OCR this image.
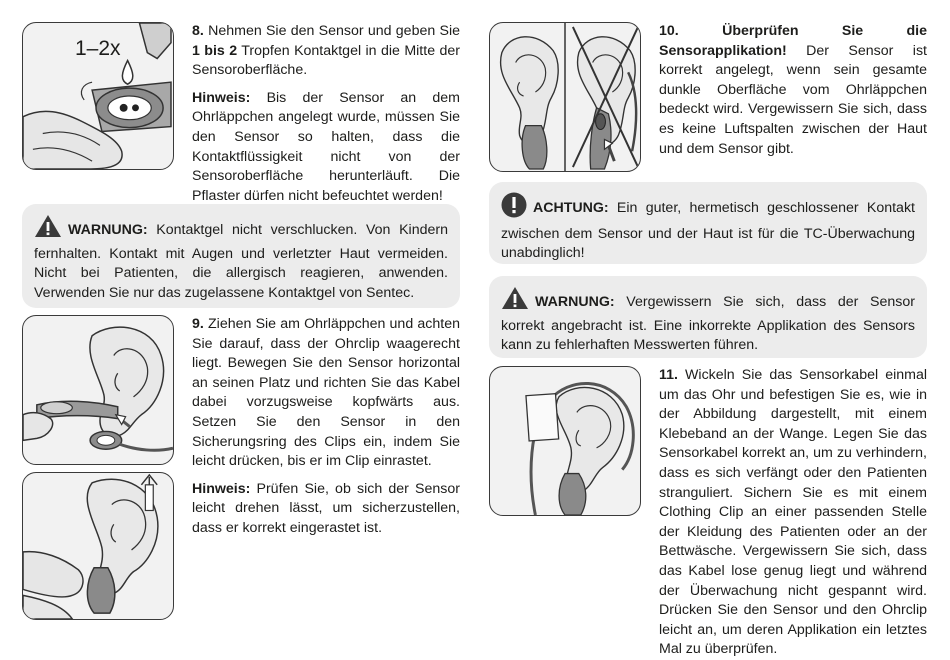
1–2x

8. Nehmen Sie den Sensor und geben Sie 1 bis 2 Tropfen Kontaktgel in die Mitte der Sensoroberfläche.

Hinweis: Bis der Sensor an dem Ohrläppchen angelegt wurde, müssen Sie den Sensor so halten, dass die Kontaktflüssigkeit nicht von der Sensoroberfläche herunterläuft. Die Pflaster dürfen nicht befeuchtet werden!

WARNUNG: Kontaktgel nicht verschlucken. Von Kindern fernhalten. Kontakt mit Augen und verletzter Haut vermeiden. Nicht bei Patienten, die allergisch reagieren, anwenden. Verwenden Sie nur das zugelassene Kontaktgel von Sentec.

9. Ziehen Sie am Ohrläppchen und achten Sie darauf, dass der Ohrclip waagerecht liegt. Bewegen Sie den Sensor horizontal an seinen Platz und richten Sie das Kabel dabei vorzugsweise kopfwärts aus. Setzen Sie den Sensor in den Sicherungsring des Clips ein, indem Sie leicht drücken, bis er im Clip einrastet.

Hinweis: Prüfen Sie, ob sich der Sensor leicht drehen lässt, um sicherzustellen, dass er korrekt eingerastet ist.

10.	Überprüfen Sie die Sensorapplikation! Der Sensor ist korrekt angelegt, wenn sein gesamte dunkle Oberfläche vom Ohrläppchen bedeckt wird. Vergewissern Sie sich, dass es keine Luftspalten zwischen der Haut und dem Sensor gibt.

ACHTUNG: Ein guter, hermetisch geschlossener Kontakt zwischen dem Sensor und der Haut ist für die TC-Überwachung unabdinglich!
WARNUNG: Vergewissern Sie sich, dass der Sensor korrekt angebracht ist. Eine inkorrekte Applikation des Sensors kann zu fehlerhaften Messwerten führen.

11. Wickeln Sie das Sensorkabel einmal um das Ohr und befestigen Sie es, wie in der Abbildung dargestellt, mit einem Klebeband an der Wange. Legen Sie das Sensorkabel korrekt an, um zu verhindern, dass es sich verfängt oder den Patienten stranguliert. Sichern Sie es mit einem Clothing Clip an einer passenden Stelle der Kleidung des Patienten oder an der Bettwäsche. Vergewissern Sie sich, dass das Kabel lose genug liegt und während der Überwachung nicht gespannt wird. Drücken Sie den Sensor und den Ohrclip leicht an, um deren Applikation ein letztes Mal zu überprüfen.
